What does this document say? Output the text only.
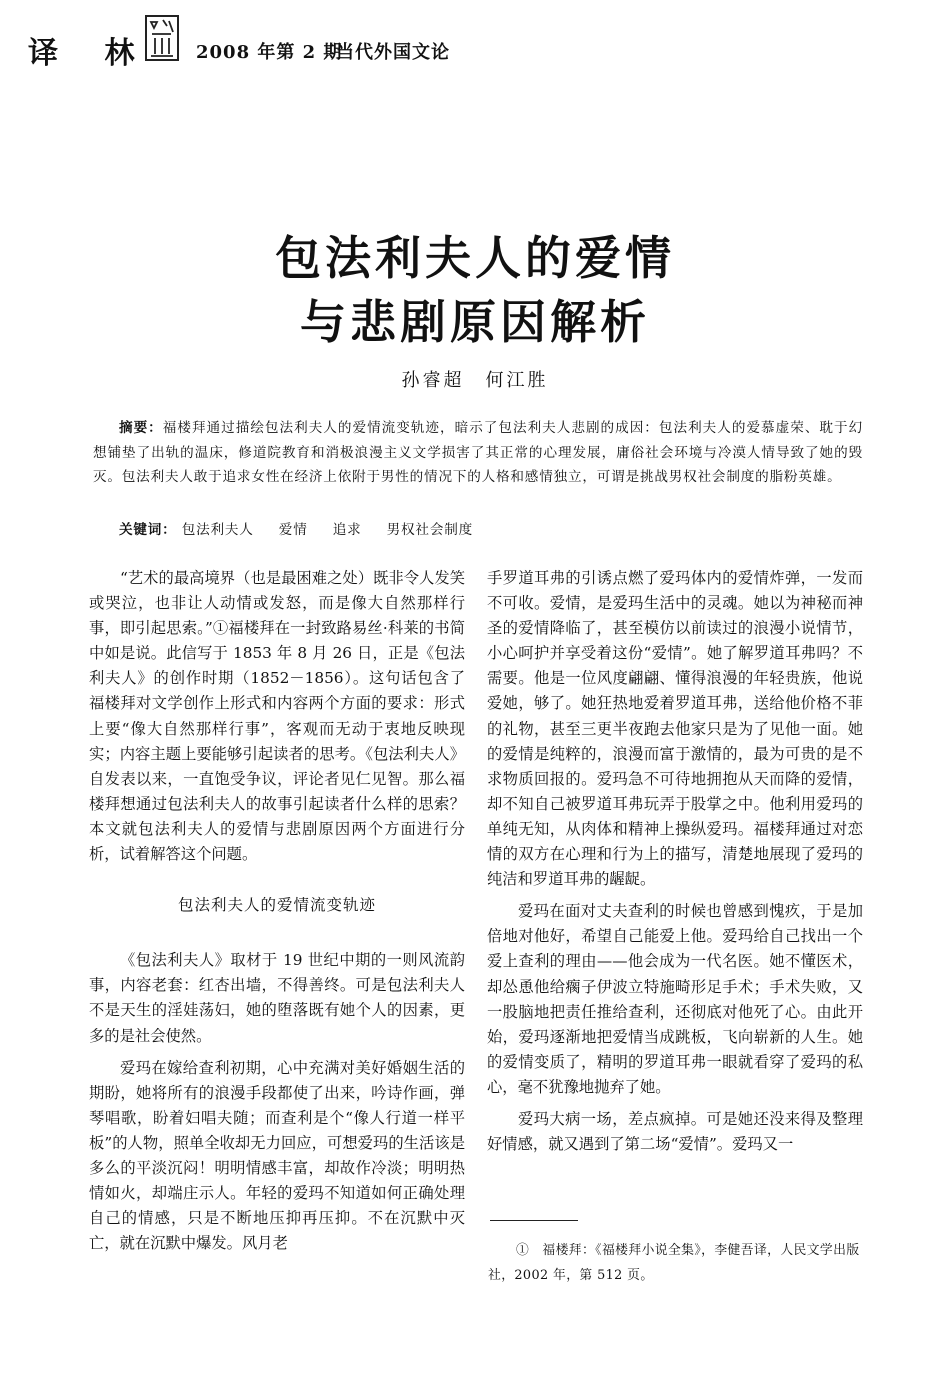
译 林 2008 年第 2 期
当代外国文论
包法利夫人的爱情
与悲剧原因解析
孙睿超　何江胜
摘要：福楼拜通过描绘包法利夫人的爱情流变轨迹，暗示了包法利夫人悲剧的成因：包法利夫人的爱慕虚荣、耽于幻想铺垫了出轨的温床，修道院教育和消极浪漫主义文学损害了其正常的心理发展，庸俗社会环境与冷漠人情导致了她的毁灭。包法利夫人敢于追求女性在经济上依附于男性的情况下的人格和感情独立，可谓是挑战男权社会制度的脂粉英雄。
关键词： 包法利夫人 爱情 追求 男权社会制度

“艺术的最高境界（也是最困难之处）既非令人发笑或哭泣，也非让人动情或发怒，而是像大自然那样行事，即引起思索。”①福楼拜在一封致路易丝·科莱的书简中如是说。此信写于 1853 年 8 月 26 日，正是《包法利夫人》的创作时期（1852－1856）。这句话包含了福楼拜对文学创作上形式和内容两个方面的要求：形式上要“像大自然那样行事”，客观而无动于衷地反映现实；内容主题上要能够引起读者的思考。《包法利夫人》自发表以来，一直饱受争议，评论者见仁见智。那么福楼拜想通过包法利夫人的故事引起读者什么样的思索？本文就包法利夫人的爱情与悲剧原因两个方面进行分析，试着解答这个问题。

包法利夫人的爱情流变轨迹

《包法利夫人》取材于 19 世纪中期的一则风流韵事，内容老套：红杏出墙，不得善终。可是包法利夫人不是天生的淫娃荡妇，她的堕落既有她个人的因素，更多的是社会使然。

爱玛在嫁给查利初期，心中充满对美好婚姻生活的期盼，她将所有的浪漫手段都使了出来，吟诗作画，弹琴唱歌，盼着妇唱夫随；而查利是个“像人行道一样平板”的人物，照单全收却无力回应，可想爱玛的生活该是多么的平淡沉闷！明明情感丰富，却故作冷淡；明明热情如火，却端庄示人。年轻的爱玛不知道如何正确处理自己的情感，只是不断地压抑再压抑。不在沉默中灭亡，就在沉默中爆发。风月老

手罗道耳弗的引诱点燃了爱玛体内的爱情炸弹，一发而不可收。爱情，是爱玛生活中的灵魂。她以为神秘而神圣的爱情降临了，甚至模仿以前读过的浪漫小说情节，小心呵护并享受着这份“爱情”。她了解罗道耳弗吗？不需要。他是一位风度翩翩、懂得浪漫的年轻贵族，他说爱她，够了。她狂热地爱着罗道耳弗，送给他价格不菲的礼物，甚至三更半夜跑去他家只是为了见他一面。她的爱情是纯粹的，浪漫而富于激情的，最为可贵的是不求物质回报的。爱玛急不可待地拥抱从天而降的爱情，却不知自己被罗道耳弗玩弄于股掌之中。他利用爱玛的单纯无知，从肉体和精神上操纵爱玛。福楼拜通过对恋情的双方在心理和行为上的描写，清楚地展现了爱玛的纯洁和罗道耳弗的龌龊。

爱玛在面对丈夫查利的时候也曾感到愧疚，于是加倍地对他好，希望自己能爱上他。爱玛给自己找出一个爱上查利的理由——他会成为一代名医。她不懂医术，却怂恿他给瘸子伊波立特施畸形足手术；手术失败，又一股脑地把责任推给查利，还彻底对他死了心。由此开始，爱玛逐渐地把爱情当成跳板，飞向崭新的人生。她的爱情变质了，精明的罗道耳弗一眼就看穿了爱玛的私心，毫不犹豫地抛弃了她。

爱玛大病一场，差点疯掉。可是她还没来得及整理好情感，就又遇到了第二场“爱情”。爱玛又一

①　福楼拜：《福楼拜小说全集》，李健吾译，人民文学出版社，2002 年，第 512 页。
